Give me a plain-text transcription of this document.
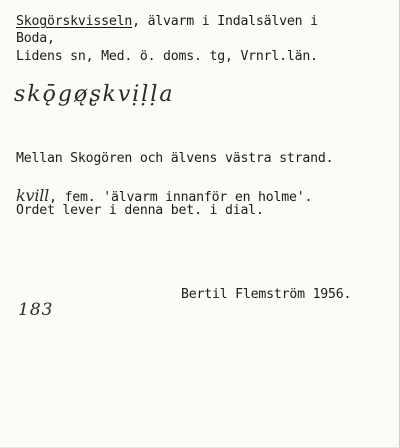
Skogörskvisseln, älvarm i Indalsälven i
Boda,
Lidens sn, Med. ö. doms. tg, Vrnrl.län.
skǭgø̨ʂkvịḷḷa
Mellan Skogören och älvens västra strand.
kvill, fem. 'älvarm innanför en holme'.
Ordet lever i denna bet. i dial.
Bertil Flemström 1956.
183
